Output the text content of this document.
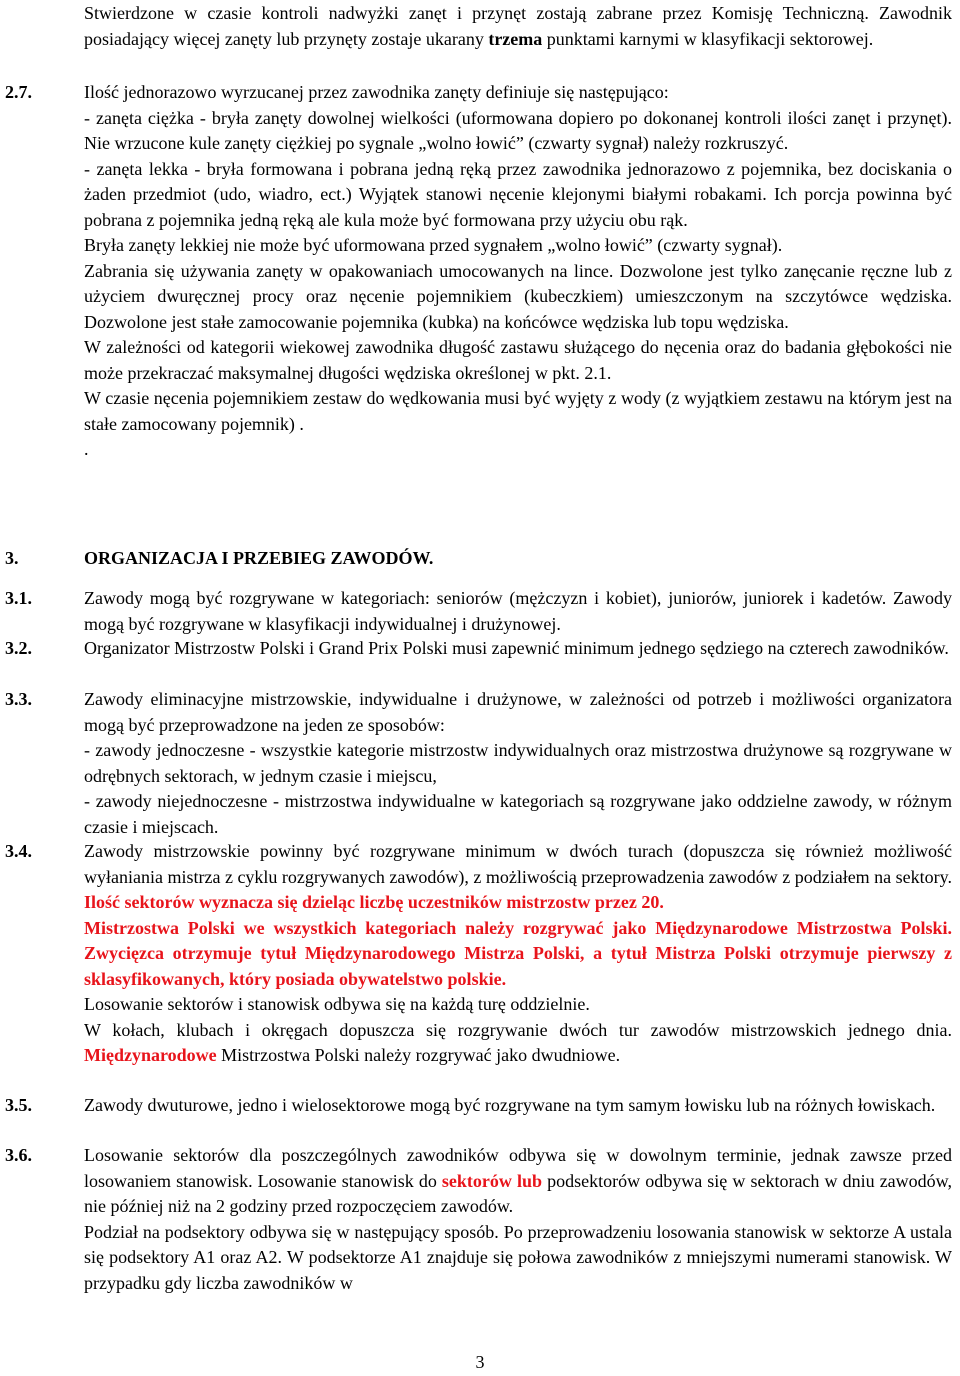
Stwierdzone w czasie kontroli nadwyżki zanęt i przynęt zostają zabrane przez Komisję Techniczną. Zawodnik posiadający więcej zanęty lub przynęty zostaje ukarany trzema punktami karnymi w klasyfikacji sektorowej.

2.7.	Ilość jednorazowo wyrzucanej przez zawodnika zanęty definiuje się następująco:

- zanęta ciężka - bryła zanęty dowolnej wielkości (uformowana dopiero po dokonanej kontroli ilości zanęt i przynęt). Nie wrzucone kule zanęty ciężkiej po sygnale „wolno łowić” (czwarty sygnał) należy rozkruszyć.

- zanęta lekka - bryła formowana i pobrana jedną ręką przez zawodnika jednorazowo z pojemnika, bez dociskania o żaden przedmiot (udo, wiadro, ect.) Wyjątek stanowi nęcenie klejonymi białymi robakami. Ich porcja powinna być pobrana z pojemnika jedną ręką ale kula może być formowana przy użyciu obu rąk.

Bryła zanęty lekkiej nie może być uformowana przed sygnałem „wolno łowić” (czwarty sygnał).

Zabrania się używania zanęty w opakowaniach umocowanych na lince. Dozwolone jest tylko zanęcanie ręczne lub z użyciem dwuręcznej procy oraz nęcenie pojemnikiem (kubeczkiem) umieszczonym na szczytówce wędziska. Dozwolone jest stałe zamocowanie pojemnika (kubka) na końcówce wędziska lub topu wędziska.

W zależności od kategorii wiekowej zawodnika długość zastawu służącego do nęcenia oraz do badania głębokości nie może przekraczać maksymalnej długości wędziska określonej w pkt. 2.1.

W czasie nęcenia pojemnikiem zestaw do wędkowania musi być wyjęty z wody (z wyjątkiem zestawu na którym jest na stałe zamocowany pojemnik) .

.

3.	ORGANIZACJA I PRZEBIEG ZAWODÓW.

3.1.	Zawody mogą być rozgrywane w kategoriach: seniorów (mężczyzn i kobiet), juniorów, juniorek i kadetów. Zawody mogą być rozgrywane w klasyfikacji indywidualnej i drużynowej.

3.2.	Organizator Mistrzostw Polski i Grand Prix Polski musi zapewnić minimum jednego sędziego na czterech zawodników.

3.3.	Zawody eliminacyjne mistrzowskie, indywidualne i drużynowe, w zależności od potrzeb i możliwości organizatora mogą być przeprowadzone na jeden ze sposobów:

- zawody jednoczesne - wszystkie kategorie mistrzostw indywidualnych oraz mistrzostwa drużynowe są rozgrywane w odrębnych sektorach, w jednym czasie i miejscu,

- zawody niejednoczesne - mistrzostwa indywidualne w kategoriach są rozgrywane jako oddzielne zawody, w różnym czasie i miejscach.

3.4.	Zawody mistrzowskie powinny być rozgrywane minimum w dwóch turach (dopuszcza się również możliwość wyłaniania mistrza z cyklu rozgrywanych zawodów), z możliwością przeprowadzenia zawodów z podziałem na sektory. Ilość sektorów wyznacza się dzieląc liczbę uczestników mistrzostw przez 20.

Mistrzostwa Polski we wszystkich kategoriach należy rozgrywać jako Międzynarodowe Mistrzostwa Polski. Zwycięzca otrzymuje tytuł Międzynarodowego Mistrza Polski, a tytuł Mistrza Polski otrzymuje pierwszy z sklasyfikowanych, który posiada obywatelstwo polskie.

Losowanie sektorów i stanowisk odbywa się na każdą turę oddzielnie.

W kołach, klubach i okręgach dopuszcza się rozgrywanie dwóch tur zawodów mistrzowskich jednego dnia. Międzynarodowe Mistrzostwa Polski należy rozgrywać jako dwudniowe.

3.5.	Zawody dwuturowe, jedno i wielosektorowe mogą być rozgrywane na tym samym łowisku lub na różnych łowiskach.

3.6.	Losowanie sektorów dla poszczególnych zawodników odbywa się w dowolnym terminie, jednak zawsze przed losowaniem stanowisk. Losowanie stanowisk do sektorów lub podsektorów odbywa się w sektorach w dniu zawodów, nie później niż na 2 godziny przed rozpoczęciem zawodów.

Podział na podsektory odbywa się w następujący sposób. Po przeprowadzeniu losowania stanowisk w sektorze A ustala się podsektory A1 oraz A2. W podsektorze A1 znajduje się połowa zawodników z mniejszymi numerami stanowisk. W przypadku gdy liczba zawodników w

3
